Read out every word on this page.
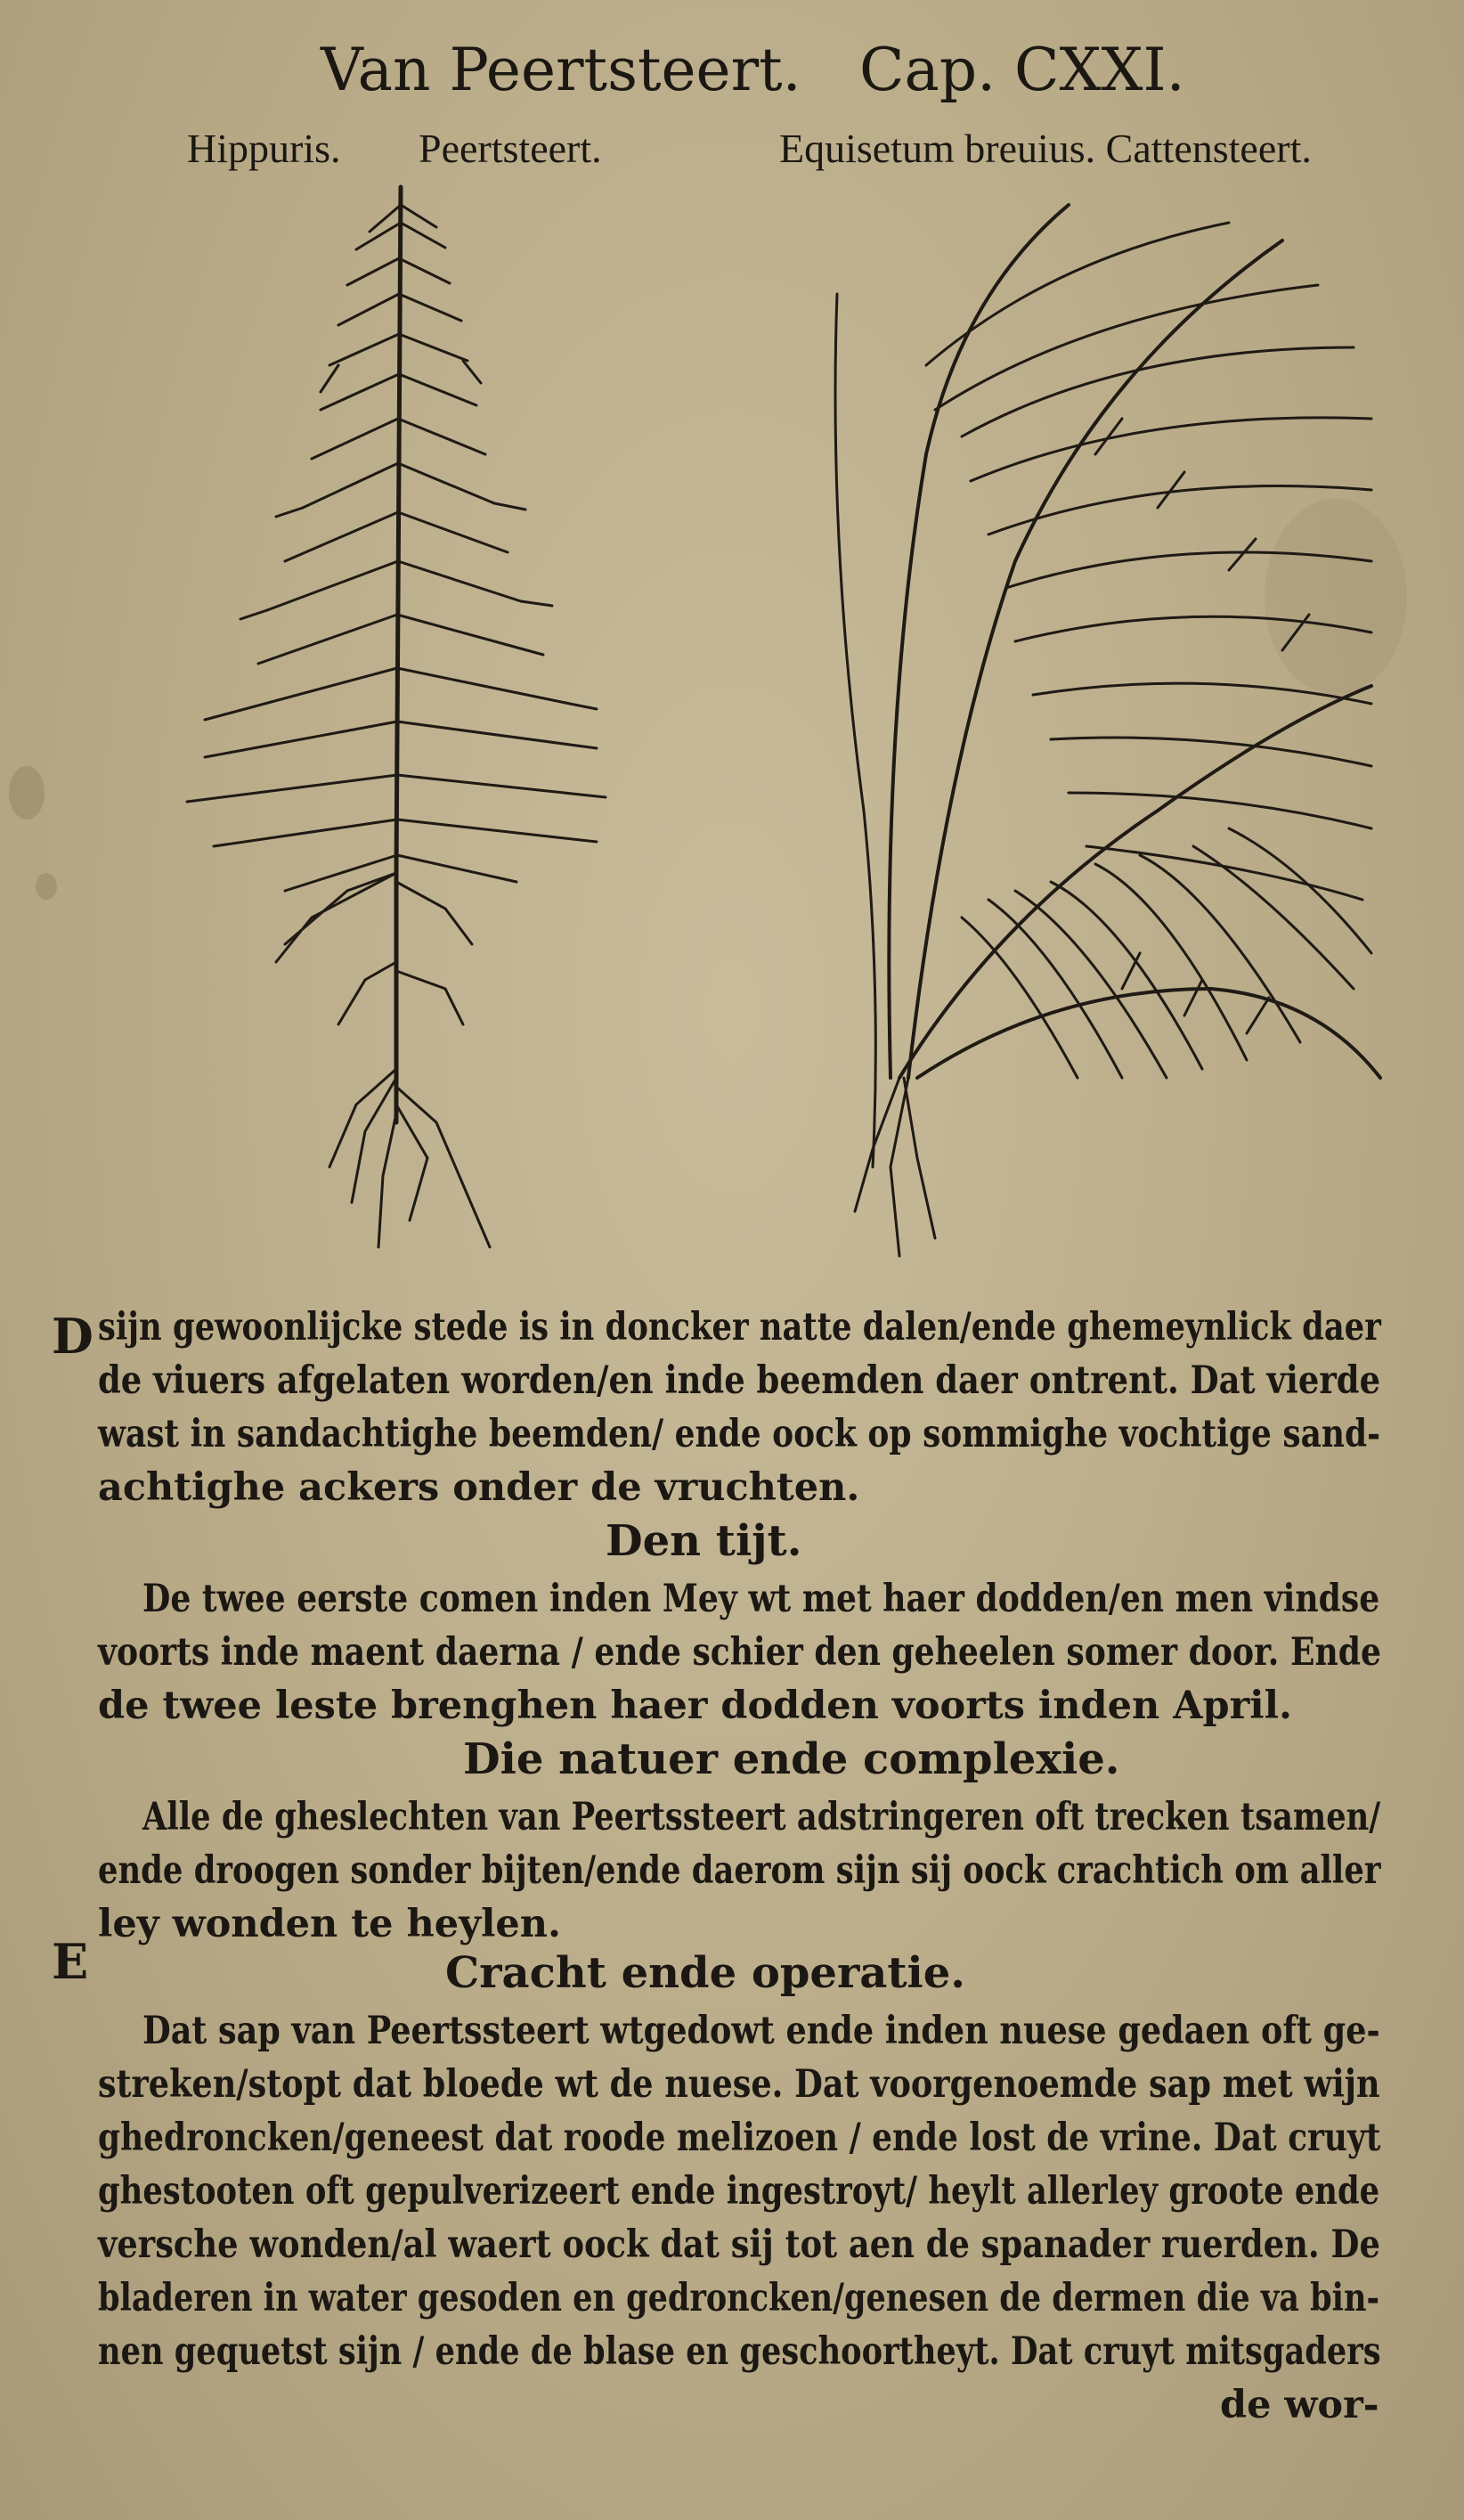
Van Peertsteert. Cap. CXXI.
Hippuris. Peertsteert.	Equisetum breuius. Cattensteert.
D
E
sijn gewoonlijcke stede is in doncker natte dalen/ende ghemeynlick daer
de viuers afgelaten worden/en inde beemden daer ontrent. Dat vierde
wast in sandachtighe beemden/ ende oock op sommighe vochtige sand-
achtighe ackers onder de vruchten.
Den tijt.
De twee eerste comen inden Mey wt met haer dodden/en men vindse
voorts inde maent daerna / ende schier den geheelen somer door. Ende
de twee leste brenghen haer dodden voorts inden April.
Die natuer ende complexie.
Alle de gheslechten van Peertssteert adstringeren oft trecken tsamen/
ende droogen sonder bijten/ende daerom sijn sij oock crachtich om aller
ley wonden te heylen.
Cracht ende operatie.
Dat sap van Peertssteert wtgedowt ende inden nuese gedaen oft ge-
streken/stopt dat bloede wt de nuese. Dat voorgenoemde sap met wijn
ghedroncken/geneest dat roode melizoen / ende lost de vrine. Dat cruyt
ghestooten oft gepulverizeert ende ingestroyt/ heylt allerley groote ende
versche wonden/al waert oock dat sij tot aen de spanader ruerden. De
bladeren in water gesoden en gedroncken/genesen de dermen die va bin-
nen gequetst sijn / ende de blase en geschoortheyt. Dat cruyt mitsgaders
de wor-
